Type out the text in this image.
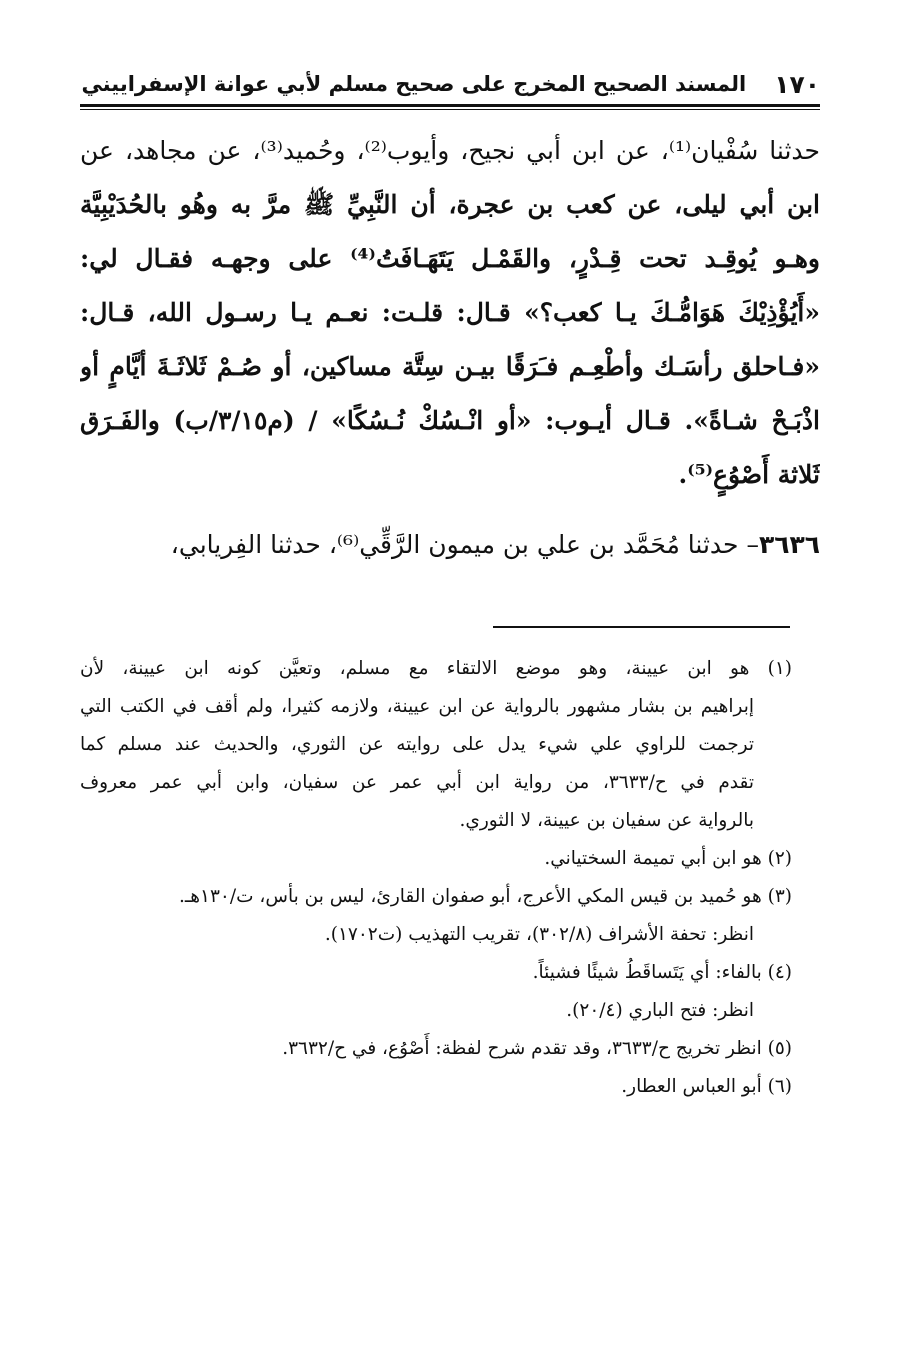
١٧٠
المسند الصحيح المخرج على صحيح مسلم لأبي عوانة الإسفراييني
حدثنا سُفْيان⁽¹⁾، عن ابن أبي نجيح، وأيوب⁽²⁾، وحُميد⁽³⁾، عن مجاهد، عن
ابن أبي ليلى، عن كعب بن عجرة، أن النَّبِيِّ ﷺ مرَّ به وهُو بالحُدَيْبِيَّة
وهـو يُوقِـد تحت قِـدْرٍ، والقَمْـل يَتَهَـافَتُ⁽⁴⁾ على وجهـه فقـال لي:
«أَيُؤْذِيْكَ هَوَامُّـكَ يـا كعب؟» قـال: قلـت: نعـم يـا رسـول الله، قـال:
«فـاحلق رأسَـك وأطْعِـم فـَرَقًا بيـن سِتَّة مساكين، أو صُـمْ ثَلاثَـةَ أيَّامٍ أو
اذْبَـحْ شـاةً». قـال أيـوب: «أو انْـسُكْ نُـسُكًا» / (م٣/١٥/ب) والفَـرَق
ثَلاثة أَصْوُعٍ⁽⁵⁾.
٣٦٣٦– حدثنا مُحَمَّد بن علي بن ميمون الرَّقِّي⁽⁶⁾، حدثنا الفِريابي،
(١) هو ابن عيينة، وهو موضع الالتقاء مع مسلم، وتعيَّن كونه ابن عيينة، لأن
إبراهيم بن بشار مشهور بالرواية عن ابن عيينة، ولازمه كثيرا، ولم أقف في الكتب التي
ترجمت للراوي علي شيء يدل على روايته عن الثوري، والحديث عند مسلم كما
تقدم في ح/٣٦٣٣، من رواية ابن أبي عمر عن سفيان، وابن أبي عمر معروف
بالرواية عن سفيان بن عيينة، لا الثوري.
(٢) هو ابن أبي تميمة السختياني.
(٣) هو حُميد بن قيس المكي الأعرج، أبو صفوان القارئ، ليس بن بأس، ت/١٣٠هـ.
انظر: تحفة الأشراف (٣٠٢/٨)، تقريب التهذيب (ت١٧٠٢).
(٤) بالفاء: أي يَتَساقَطُ شيئًا فشيئاً.
انظر: فتح الباري (٢٠/٤).
(٥) انظر تخريج ح/٣٦٣٣، وقد تقدم شرح لفظة: أَصْوُع، في ح/٣٦٣٢.
(٦) أبو العباس العطار.
